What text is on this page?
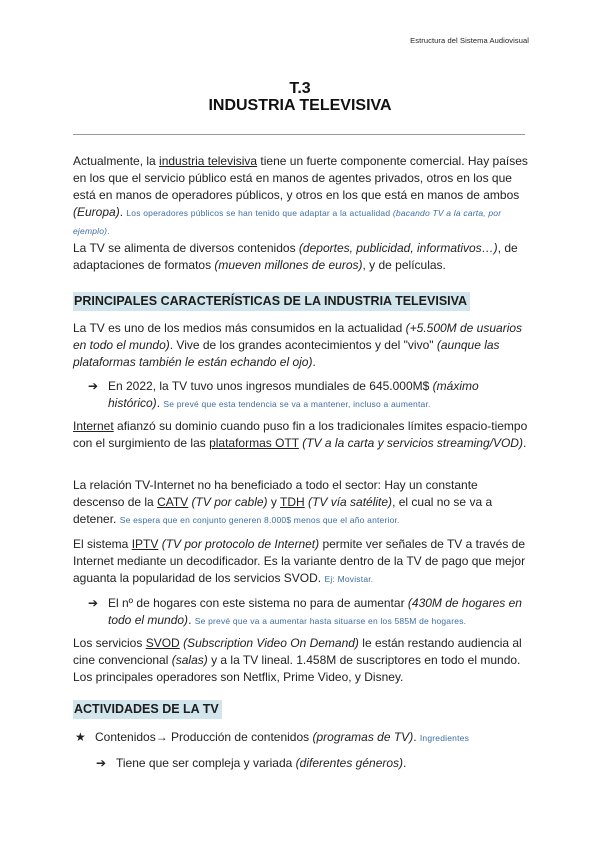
Estructura del Sistema Audiovisual
T.3
INDUSTRIA TELEVISIVA
Actualmente, la industria televisiva tiene un fuerte componente comercial. Hay países en los que el servicio público está en manos de agentes privados, otros en los que está en manos de operadores públicos, y otros en los que está en manos de ambos (Europa). Los operadores públicos se han tenido que adaptar a la actualidad (bacando TV a la carta, por ejemplo).
La TV se alimenta de diversos contenidos (deportes, publicidad, informativos…), de adaptaciones de formatos (mueven millones de euros), y de películas.
PRINCIPALES CARACTERÍSTICAS DE LA INDUSTRIA TELEVISIVA
La TV es uno de los medios más consumidos en la actualidad (+5.500M de usuarios en todo el mundo). Vive de los grandes acontecimientos y del "vivo" (aunque las plataformas también le están echando el ojo).
➔ En 2022, la TV tuvo unos ingresos mundiales de 645.000M$ (máximo histórico). Se prevé que esta tendencia se va a mantener, incluso a aumentar.
Internet afianzó su dominio cuando puso fin a los tradicionales límites espacio-tiempo con el surgimiento de las plataformas OTT (TV a la carta y servicios streaming/VOD).
La relación TV-Internet no ha beneficiado a todo el sector: Hay un constante descenso de la CATV (TV por cable) y TDH (TV vía satélite), el cual no se va a detener. Se espera que en conjunto generen 8.000$ menos que el año anterior.
El sistema IPTV (TV por protocolo de Internet) permite ver señales de TV a través de Internet mediante un decodificador. Es la variante dentro de la TV de pago que mejor aguanta la popularidad de los servicios SVOD. Ej: Movistar.
➔ El nº de hogares con este sistema no para de aumentar (430M de hogares en todo el mundo). Se prevé que va a aumentar hasta situarse en los 585M de hogares.
Los servicios SVOD (Subscription Video On Demand) le están restando audiencia al cine convencional (salas) y a la TV lineal. 1.458M de suscriptores en todo el mundo. Los principales operadores son Netflix, Prime Video, y Disney.
ACTIVIDADES DE LA TV
★ Contenidos→ Producción de contenidos (programas de TV). Ingredientes
➔ Tiene que ser compleja y variada (diferentes géneros).
